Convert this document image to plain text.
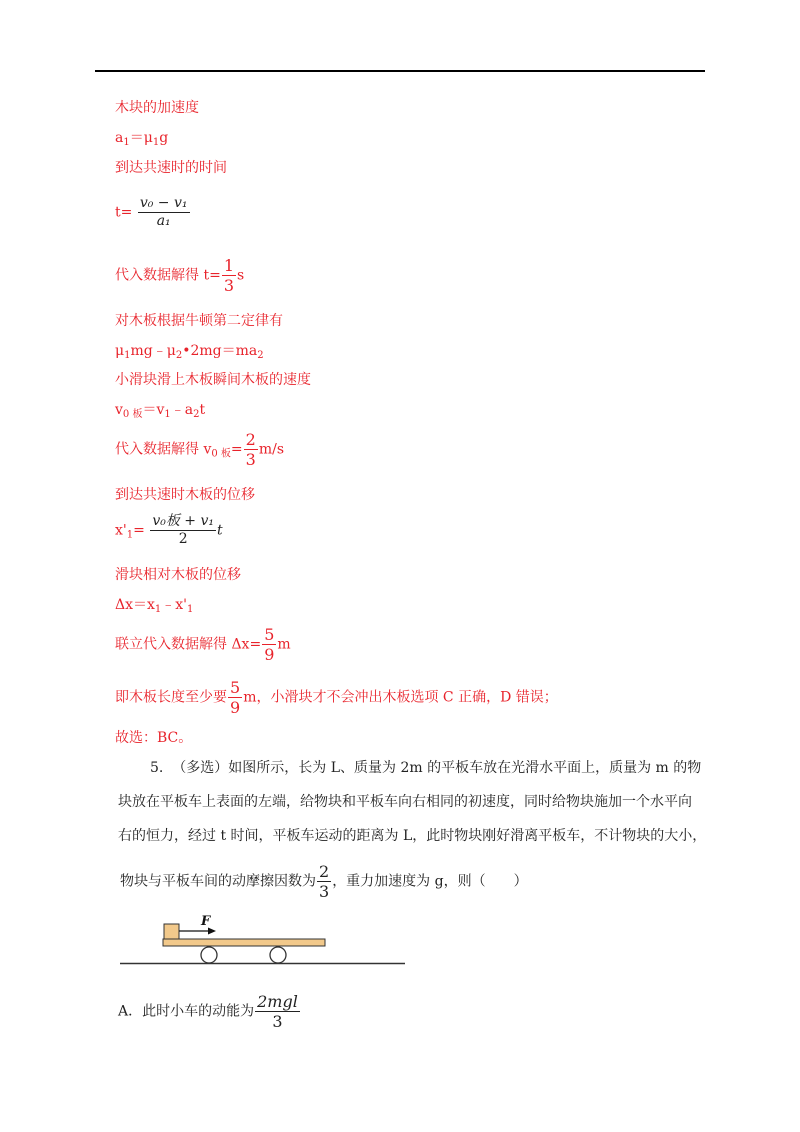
木块的加速度
$a_1=\mu_1g$
到达共速时的时间
$t= \frac{\text{v₀ − v₁}}{\text{a₁}}$
代入数据解得 $t= \frac{1}{3}$ s
对木板根据牛顿第二定律有
$\mu_1mg﹣\mu_2•2mg=ma_2$
小滑块滑上木板瞬间木板的速度
$v_{0 板}=v_1﹣a_2t$
代入数据解得 $v_{0 板}= \frac{2}{3} m/s$
到达共速时木板的位移
$x'_1= \frac{\text{v₀板 + v₁}}{2}$ t
滑块相对木板的位移
$\Delta x=x_1﹣x'_1$
联立代入数据解得 $\Delta x= \frac{5}{9}$ m
即木板长度至少要 $\frac{5}{9}$ m，小滑块才不会冲出木板选项 C 正确，D 错误；
故选：BC。
5. （多选）如图所示，长为 L、质量为 2m 的平板车放在光滑水平面上，质量为 m 的物
块放在平板车上表面的左端，给物块和平板车向右相同的初速度，同时给物块施加一个水平向
右的恒力，经过 t 时间，平板车运动的距离为 L，此时物块刚好滑离平板车，不计物块的大小，
物块与平板车间的动摩擦因数为 $\frac{2}{3}$ ，重力加速度为 g，则（　　）
F
A．此时小车的动能为 $\frac{\text{2mgl}}{3}$
